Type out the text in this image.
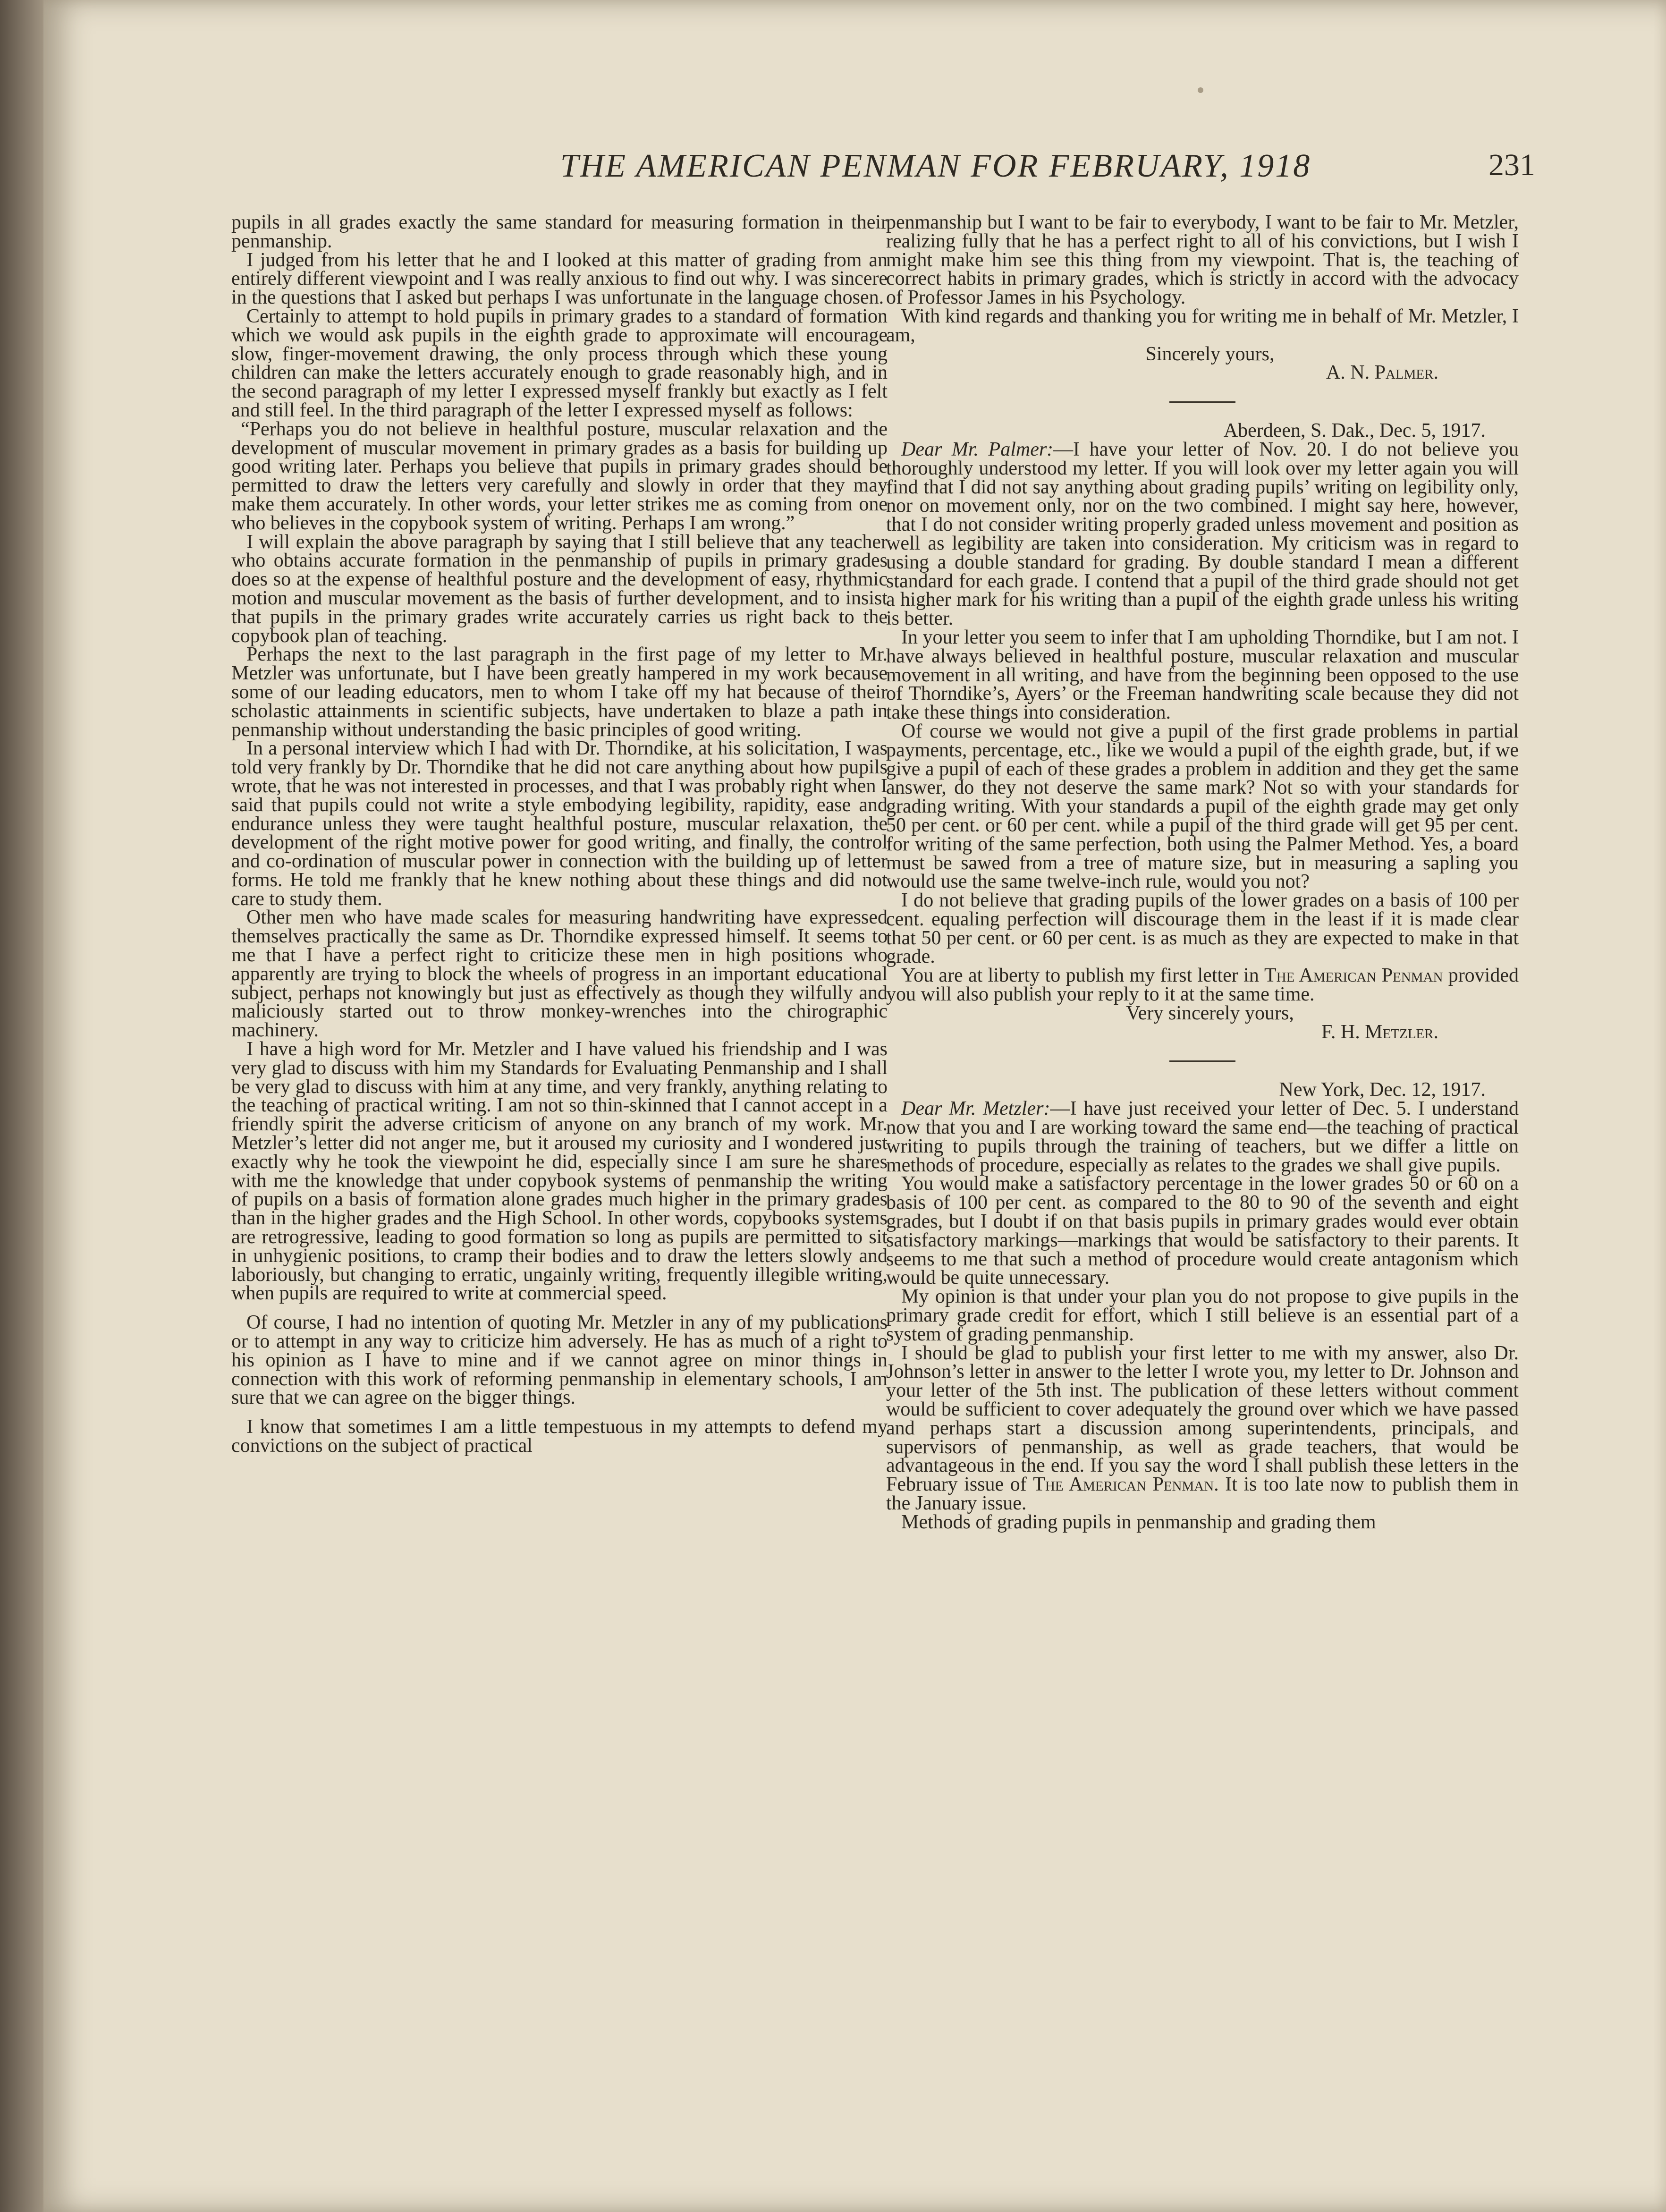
THE AMERICAN PENMAN FOR FEBRUARY, 1918	231

pupils in all grades exactly the same standard for measuring formation in their penmanship.

I judged from his letter that he and I looked at this matter of grading from an entirely different viewpoint and I was really anxious to find out why. I was sincere in the questions that I asked but perhaps I was unfortunate in the language chosen.

Certainly to attempt to hold pupils in primary grades to a standard of formation which we would ask pupils in the eighth grade to approximate will encourage slow, finger-movement drawing, the only process through which these young children can make the letters accurately enough to grade reasonably high, and in the second paragraph of my letter I expressed myself frankly but exactly as I felt and still feel. In the third paragraph of the letter I expressed myself as follows:

“Perhaps you do not believe in healthful posture, muscular relaxation and the development of muscular movement in primary grades as a basis for building up good writing later. Perhaps you believe that pupils in primary grades should be permitted to draw the letters very carefully and slowly in order that they may make them accurately. In other words, your letter strikes me as coming from one who believes in the copybook system of writing. Perhaps I am wrong.”

I will explain the above paragraph by saying that I still believe that any teacher who obtains accurate formation in the penmanship of pupils in primary grades does so at the expense of healthful posture and the development of easy, rhythmic motion and muscular movement as the basis of further development, and to insist that pupils in the primary grades write accurately carries us right back to the copybook plan of teaching.

Perhaps the next to the last paragraph in the first page of my letter to Mr. Metzler was unfortunate, but I have been greatly hampered in my work because some of our leading educators, men to whom I take off my hat because of their scholastic attainments in scientific subjects, have undertaken to blaze a path in penmanship without understanding the basic principles of good writing.

In a personal interview which I had with Dr. Thorndike, at his solicitation, I was told very frankly by Dr. Thorndike that he did not care anything about how pupils wrote, that he was not interested in processes, and that I was probably right when I said that pupils could not write a style embodying legibility, rapidity, ease and endurance unless they were taught healthful posture, muscular relaxation, the development of the right motive power for good writing, and finally, the control and co-ordination of muscular power in connection with the building up of letter forms. He told me frankly that he knew nothing about these things and did not care to study them.

Other men who have made scales for measuring handwriting have expressed themselves practically the same as Dr. Thorndike expressed himself. It seems to me that I have a perfect right to criticize these men in high positions who apparently are trying to block the wheels of progress in an important educational subject, perhaps not knowingly but just as effectively as though they wilfully and maliciously started out to throw monkey-wrenches into the chirographic machinery.

I have a high word for Mr. Metzler and I have valued his friendship and I was very glad to discuss with him my Standards for Evaluating Penmanship and I shall be very glad to discuss with him at any time, and very frankly, anything relating to the teaching of practical writing. I am not so thin-skinned that I cannot accept in a friendly spirit the adverse criticism of anyone on any branch of my work. Mr. Metzler’s letter did not anger me, but it aroused my curiosity and I wondered just exactly why he took the viewpoint he did, especially since I am sure he shares with me the knowledge that under copybook systems of penmanship the writing of pupils on a basis of formation alone grades much higher in the primary grades than in the higher grades and the High School. In other words, copybooks systems are retrogressive, leading to good formation so long as pupils are permitted to sit in unhygienic positions, to cramp their bodies and to draw the letters slowly and laboriously, but changing to erratic, ungainly writing, frequently illegible writing, when pupils are required to write at commercial speed.

Of course, I had no intention of quoting Mr. Metzler in any of my publications or to attempt in any way to criticize him adversely. He has as much of a right to his opinion as I have to mine and if we cannot agree on minor things in connection with this work of reforming penmanship in elementary schools, I am sure that we can agree on the bigger things.

I know that sometimes I am a little tempestuous in my attempts to defend my convictions on the subject of practical

penmanship but I want to be fair to everybody, I want to be fair to Mr. Metzler, realizing fully that he has a perfect right to all of his convictions, but I wish I might make him see this thing from my viewpoint. That is, the teaching of correct habits in primary grades, which is strictly in accord with the advocacy of Professor James in his Psychology.

With kind regards and thanking you for writing me in behalf of Mr. Metzler, I am,

Sincerely yours,

A. N. Palmer.

Aberdeen, S. Dak., Dec. 5, 1917.

Dear Mr. Palmer:—I have your letter of Nov. 20. I do not believe you thoroughly understood my letter. If you will look over my letter again you will find that I did not say anything about grading pupils’ writing on legibility only, nor on movement only, nor on the two combined. I might say here, however, that I do not consider writing properly graded unless movement and position as well as legibility are taken into consideration. My criticism was in regard to using a double standard for grading. By double standard I mean a different standard for each grade. I contend that a pupil of the third grade should not get a higher mark for his writing than a pupil of the eighth grade unless his writing is better.

In your letter you seem to infer that I am upholding Thorndike, but I am not. I have always believed in healthful posture, muscular relaxation and muscular movement in all writing, and have from the beginning been opposed to the use of Thorndike’s, Ayers’ or the Freeman handwriting scale because they did not take these things into consideration.

Of course we would not give a pupil of the first grade problems in partial payments, percentage, etc., like we would a pupil of the eighth grade, but, if we give a pupil of each of these grades a problem in addition and they get the same answer, do they not deserve the same mark? Not so with your standards for grading writing. With your standards a pupil of the eighth grade may get only 50 per cent. or 60 per cent. while a pupil of the third grade will get 95 per cent. for writing of the same perfection, both using the Palmer Method. Yes, a board must be sawed from a tree of mature size, but in measuring a sapling you would use the same twelve-inch rule, would you not?

I do not believe that grading pupils of the lower grades on a basis of 100 per cent. equaling perfection will discourage them in the least if it is made clear that 50 per cent. or 60 per cent. is as much as they are expected to make in that grade.

You are at liberty to publish my first letter in The American Penman provided you will also publish your reply to it at the same time.

Very sincerely yours,

F. H. Metzler.

New York, Dec. 12, 1917.

Dear Mr. Metzler:—I have just received your letter of Dec. 5. I understand now that you and I are working toward the same end—the teaching of practical writing to pupils through the training of teachers, but we differ a little on methods of procedure, especially as relates to the grades we shall give pupils.

You would make a satisfactory percentage in the lower grades 50 or 60 on a basis of 100 per cent. as compared to the 80 to 90 of the seventh and eight grades, but I doubt if on that basis pupils in primary grades would ever obtain satisfactory markings—markings that would be satisfactory to their parents. It seems to me that such a method of procedure would create antagonism which would be quite unnecessary.

My opinion is that under your plan you do not propose to give pupils in the primary grade credit for effort, which I still believe is an essential part of a system of grading penmanship.

I should be glad to publish your first letter to me with my answer, also Dr. Johnson’s letter in answer to the letter I wrote you, my letter to Dr. Johnson and your letter of the 5th inst. The publication of these letters without comment would be sufficient to cover adequately the ground over which we have passed and perhaps start a discussion among superintendents, principals, and supervisors of penmanship, as well as grade teachers, that would be advantageous in the end. If you say the word I shall publish these letters in the February issue of The American Penman. It is too late now to publish them in the January issue.

Methods of grading pupils in penmanship and grading them
